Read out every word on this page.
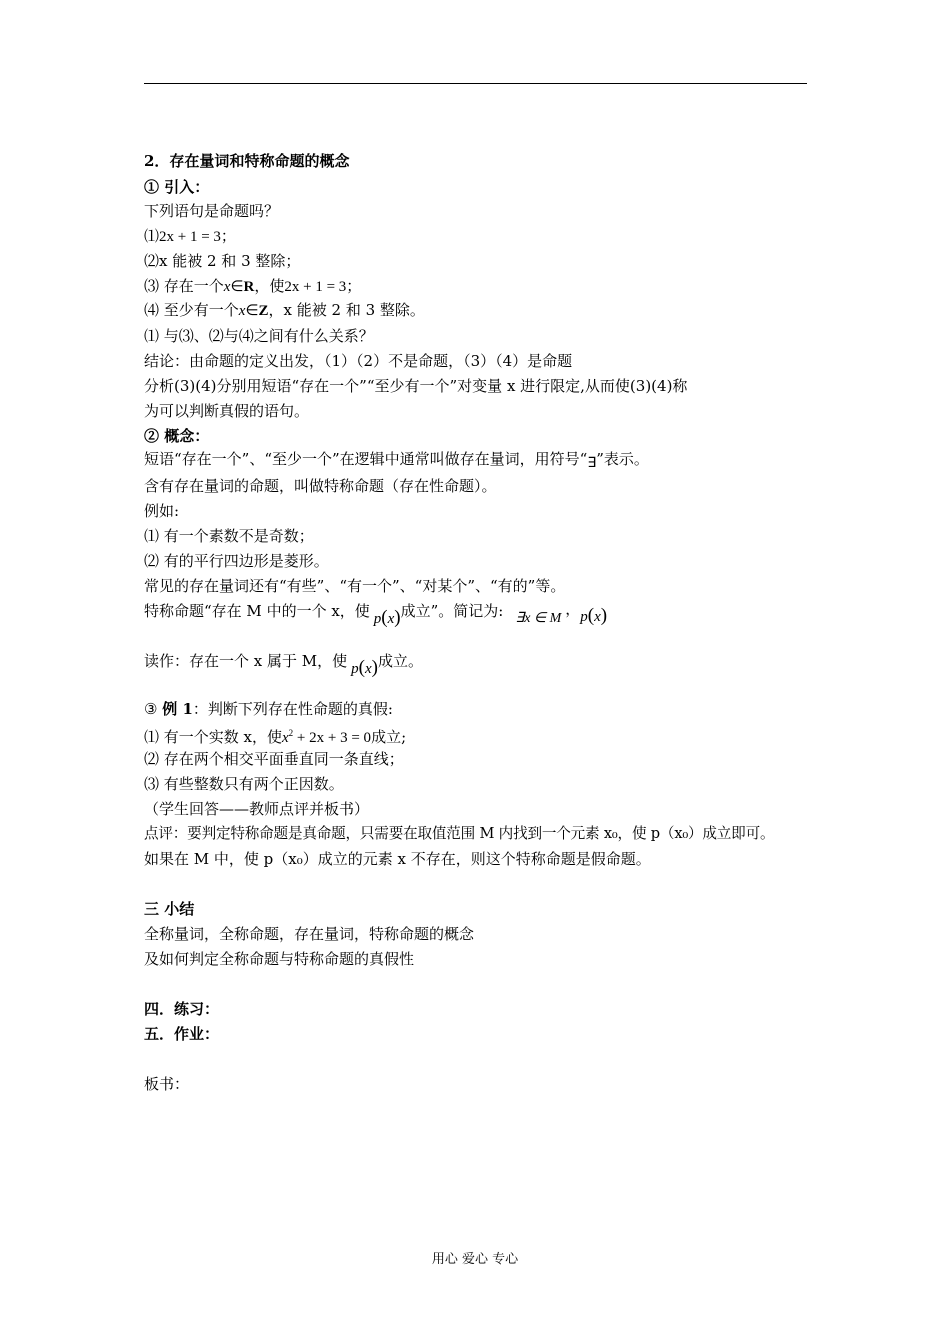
2．存在量词和特称命题的概念
① 引入：
下列语句是命题吗？
⑴2x + 1 = 3；
⑵x 能被 2 和 3 整除；
⑶ 存在一个x∈R，使2x + 1 = 3；
⑷ 至少有一个x∈Z，x 能被 2 和 3 整除。
⑴ 与⑶、⑵与⑷之间有什么关系？
结论：由命题的定义出发，（1）（2）不是命题，（3）（4）是命题
分析(3)(4)分别用短语“存在一个”“至少有一个”对变量 x 进行限定,从而使(3)(4)称
为可以判断真假的语句。
② 概念：
短语“存在一个”、“至少一个”在逻辑中通常叫做存在量词，用符号“∃”表示。
含有存在量词的命题，叫做特称命题（存在性命题）。
例如:
⑴ 有一个素数不是奇数；
⑵ 有的平行四边形是菱形。
常见的存在量词还有“有些”、“有一个”、“对某个”、“有的”等。
特称命题“存在 M 中的一个 x，使 p(x)成立”。简记为: ∃x ∈ M，p(x)
读作：存在一个 x 属于 M，使 p(x)成立。
③ 例 1：判断下列存在性命题的真假:
⑴ 有一个实数 x，使$x^2 + 2x + 3 = 0$成立;
⑵ 存在两个相交平面垂直同一条直线；
⑶ 有些整数只有两个正因数。
（学生回答——教师点评并板书）
点评：要判定特称命题是真命题，只需要在取值范围 M 内找到一个元素 x₀，使 p（x₀）成立即可。
如果在 M 中，使 p（x₀）成立的元素 x 不存在，则这个特称命题是假命题。
三 小结
全称量词，全称命题，存在量词，特称命题的概念
及如何判定全称命题与特称命题的真假性
四．练习：
五．作业：
板书：
用心 爱心 专心
